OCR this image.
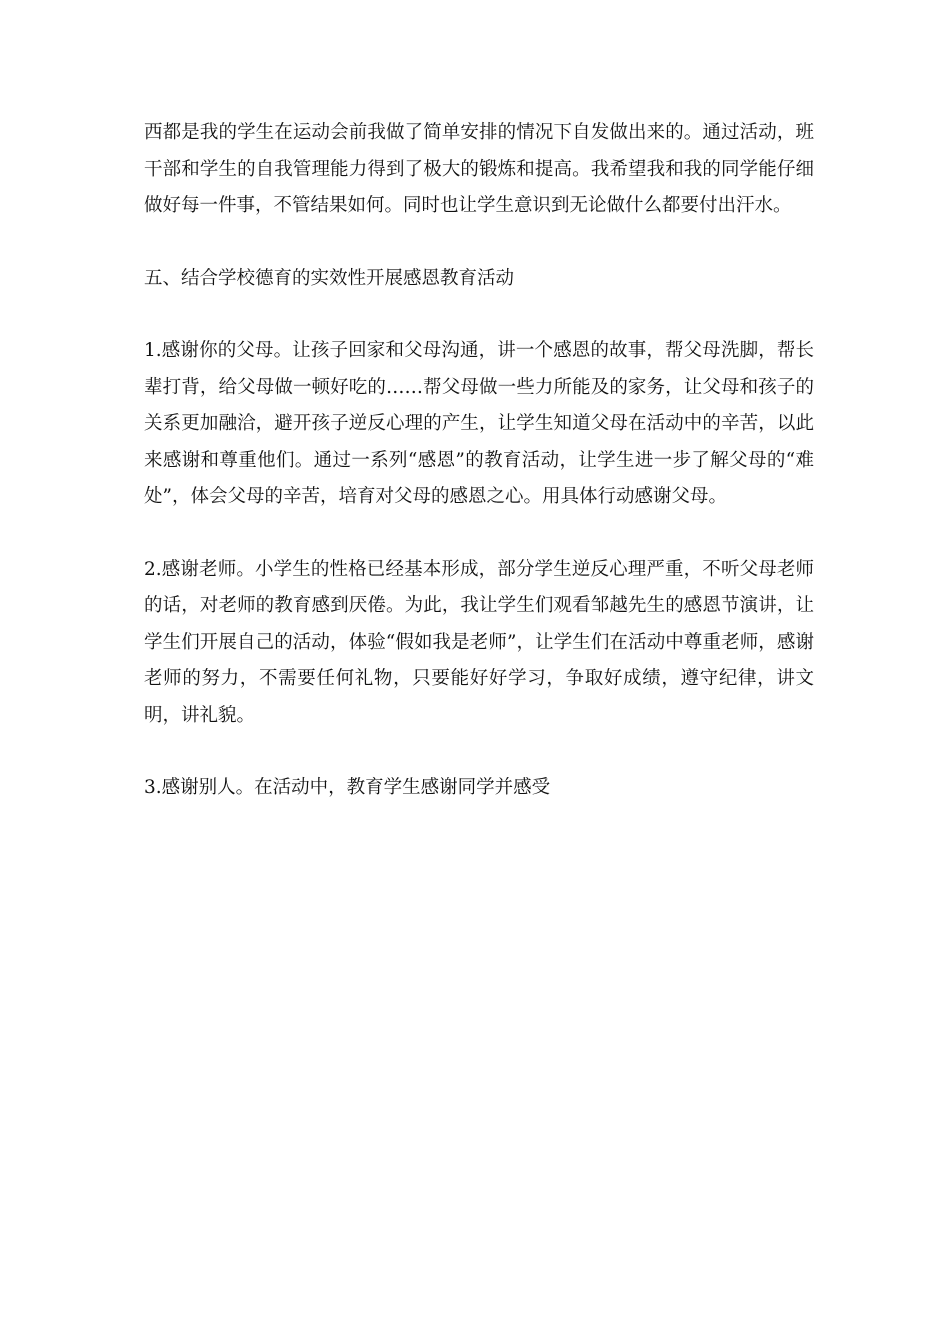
西都是我的学生在运动会前我做了简单安排的情况下自发做出来的。通过活动，班干部和学生的自我管理能力得到了极大的锻炼和提高。我希望我和我的同学能仔细做好每一件事，不管结果如何。同时也让学生意识到无论做什么都要付出汗水。

五、结合学校德育的实效性开展感恩教育活动

1.感谢你的父母。让孩子回家和父母沟通，讲一个感恩的故事，帮父母洗脚，帮长辈打背，给父母做一顿好吃的……帮父母做一些力所能及的家务，让父母和孩子的关系更加融洽，避开孩子逆反心理的产生，让学生知道父母在活动中的辛苦，以此来感谢和尊重他们。通过一系列“感恩”的教育活动，让学生进一步了解父母的“难处”，体会父母的辛苦，培育对父母的感恩之心。用具体行动感谢父母。

2.感谢老师。小学生的性格已经基本形成，部分学生逆反心理严重，不听父母老师的话，对老师的教育感到厌倦。为此，我让学生们观看邹越先生的感恩节演讲，让学生们开展自己的活动，体验“假如我是老师”，让学生们在活动中尊重老师，感谢老师的努力，不需要任何礼物，只要能好好学习，争取好成绩，遵守纪律，讲文明，讲礼貌。

3.感谢别人。在活动中，教育学生感谢同学并感受
